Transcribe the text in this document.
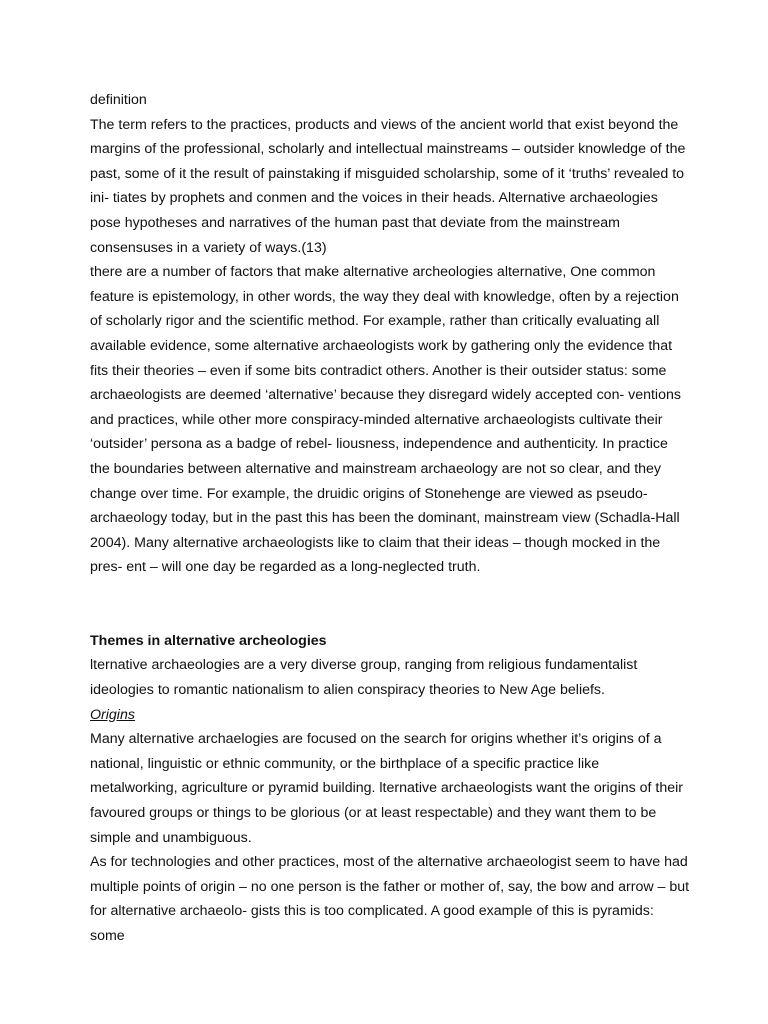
definition

The term refers to the practices, products and views of the ancient world that exist beyond the margins of the professional, scholarly and intellectual mainstreams – outsider knowledge of the past, some of it the result of painstaking if misguided scholarship, some of it ‘truths’ revealed to ini- tiates by prophets and conmen and the voices in their heads. Alternative archaeologies pose hypotheses and narratives of the human past that deviate from the mainstream consensuses in a variety of ways.(13)

there are a number of factors that make alternative archeologies alternative, One common feature is epistemology, in other words, the way they deal with knowledge, often by a rejection of scholarly rigor and the scientific method. For example, rather than critically evaluating all available evidence, some alternative archaeologists work by gathering only the evidence that fits their theories – even if some bits contradict others. Another is their outsider status: some archaeologists are deemed ‘alternative’ because they disregard widely accepted con- ventions and practices, while other more conspiracy-minded alternative archaeologists cultivate their ‘outsider’ persona as a badge of rebel- liousness, independence and authenticity. In practice the boundaries between alternative and mainstream archaeology are not so clear, and they change over time. For example, the druidic origins of Stonehenge are viewed as pseudo-archaeology today, but in the past this has been the dominant, mainstream view (Schadla-Hall 2004). Many alternative archaeologists like to claim that their ideas – though mocked in the pres- ent – will one day be regarded as a long-neglected truth.

Themes in alternative archeologies

lternative archaeologies are a very diverse group, ranging from religious fundamentalist ideologies to romantic nationalism to alien conspiracy theories to New Age beliefs.

Origins

Many alternative archaelogies are focused on the search for origins whether it’s origins of a national, linguistic or ethnic community, or the birthplace of a specific practice like metalworking, agriculture or pyramid building. lternative archaeologists want the origins of their favoured groups or things to be glorious (or at least respectable) and they want them to be simple and unambiguous.

As for technologies and other practices, most of the alternative archaeologist seem to have had multiple points of origin – no one person is the father or mother of, say, the bow and arrow – but for alternative archaeolo- gists this is too complicated. A good example of this is pyramids: some
